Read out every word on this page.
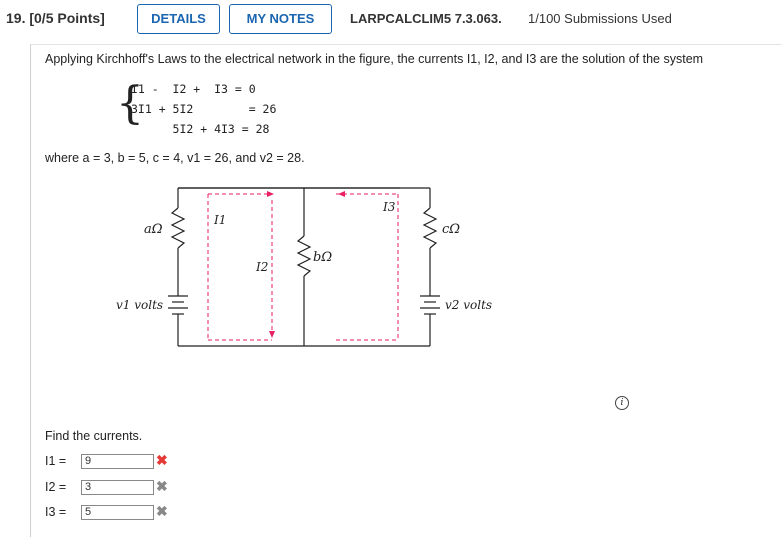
19. [0/5 Points]	DETAILS	MY NOTES	LARPCALCLIM5 7.3.063. 1/100 Submissions Used
Applying Kirchhoff's Laws to the electrical network in the figure, the currents I1, I2, and I3 are the solution of the system
{
I1 -  I2 +  I3 = 0
3I1 + 5I2        = 26
5I2 + 4I3 = 28
where a = 3, b = 5, c = 4, v1 = 26, and v2 = 28.
aΩ
bΩ
cΩ
v1 volts	v2 volts
I1
I2
I3
i
Find the currents.
I1 =	9	✖
I2 =	3	✖
I3 =	5	✖
